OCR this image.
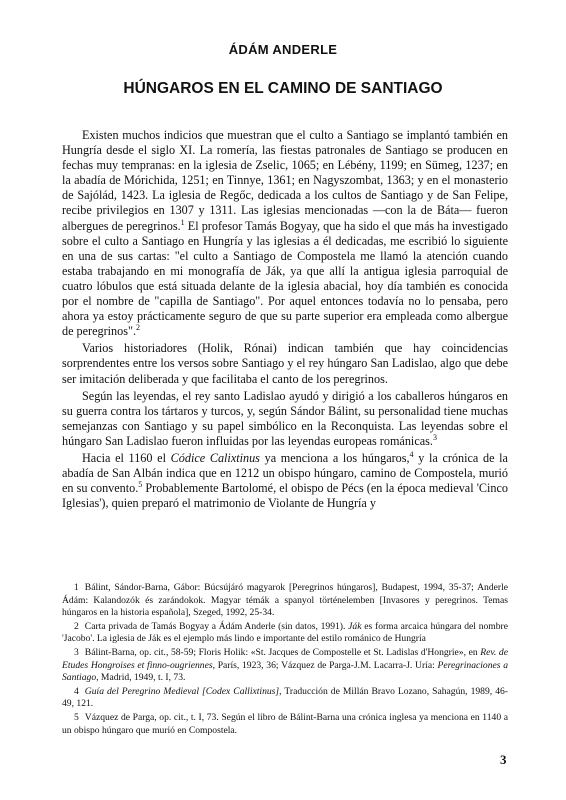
ÁDÁM ANDERLE
HÚNGAROS EN EL CAMINO DE SANTIAGO

Existen muchos indicios que muestran que el culto a Santiago se implantó también en Hungría desde el siglo XI. La romería, las fiestas patronales de Santiago se producen en fechas muy tempranas: en la iglesia de Zselic, 1065; en Lébény, 1199; en Sümeg, 1237; en la abadía de Mórichida, 1251; en Tinnye, 1361; en Nagyszombat, 1363; y en el monasterio de Sajólád, 1423. La iglesia de Regőc, dedicada a los cultos de Santiago y de San Felipe, recibe privilegios en 1307 y 1311. Las iglesias mencionadas —con la de Báta— fueron albergues de peregrinos.$^1$ El profesor Tamás Bogyay, que ha sido el que más ha investigado sobre el culto a Santiago en Hungría y las iglesias a él dedicadas, me escribió lo siguiente en una de sus cartas: "el culto a Santiago de Compostela me llamó la atención cuando estaba trabajando en mi monografía de Ják, ya que allí la antigua iglesia parroquial de cuatro lóbulos que está situada delante de la iglesia abacial, hoy día también es conocida por el nombre de "capilla de Santiago". Por aquel entonces todavía no lo pensaba, pero ahora ya estoy prácticamente seguro de que su parte superior era empleada como albergue de peregrinos".$^2$

Varios historiadores (Holik, Rónai) indican también que hay coincidencias sorprendentes entre los versos sobre Santiago y el rey húngaro San Ladislao, algo que debe ser imitación deliberada y que facilitaba el canto de los peregrinos.

Según las leyendas, el rey santo Ladislao ayudó y dirigió a los caballeros húngaros en su guerra contra los tártaros y turcos, y, según Sándor Bálint, su personalidad tiene muchas semejanzas con Santiago y su papel simbólico en la Reconquista. Las leyendas sobre el húngaro San Ladislao fueron influidas por las leyendas europeas románicas.$^3$

Hacia el 1160 el Códice Calixtinus ya menciona a los húngaros,$^4$ y la crónica de la abadía de San Albán indica que en 1212 un obispo húngaro, camino de Compostela, murió en su convento.$^5$ Probablemente Bartolomé, el obispo de Pécs (en la época medieval 'Cinco Iglesias'), quien preparó el matrimonio de Violante de Hungría y

1 Bálint, Sándor-Barna, Gábor: Búcsújáró magyarok [Peregrinos húngaros], Budapest, 1994, 35-37; Anderle Ádám: Kalandozók és zarándokok. Magyar témák a spanyol történelemben [Invasores y peregrinos. Temas húngaros en la historia española], Szeged, 1992, 25-34.

2 Carta privada de Tamás Bogyay a Ádám Anderle (sin datos, 1991). Ják es forma arcaica húngara del nombre 'Jacobo'. La iglesia de Ják es el ejemplo más lindo e importante del estilo románico de Hungría

3 Bálint-Barna, op. cit., 58-59; Floris Holik: «St. Jacques de Compostelle et St. Ladislas d'Hongrie», en Rev. de Etudes Hongroises et finno-ougriennes, París, 1923, 36; Vázquez de Parga-J.M. Lacarra-J. Uría: Peregrinaciones a Santiago, Madrid, 1949, t. I, 73.

4 Guía del Peregrino Medieval [Codex Callixtinus], Traducción de Millán Bravo Lozano, Sahagún, 1989, 46-49, 121.

5 Vázquez de Parga, op. cit., t. I, 73. Según el libro de Bálint-Barna una crónica inglesa ya menciona en 1140 a un obispo húngaro que murió en Compostela.

3
